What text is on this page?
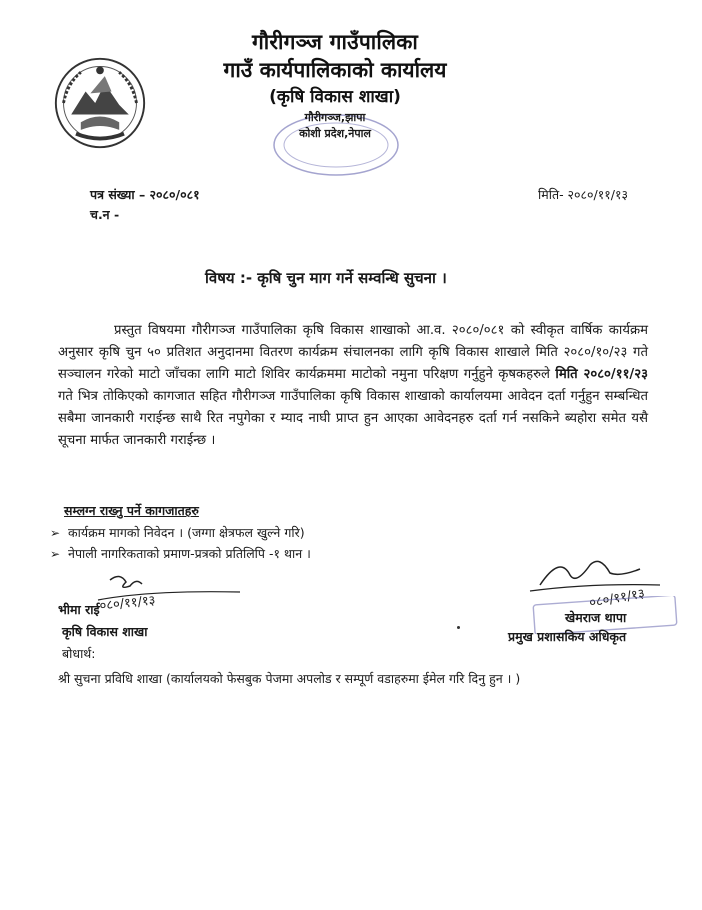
गौरीगञ्ज गाउँपालिका
गाउँ कार्यपालिकाको कार्यालय
(कृषि विकास शाखा)
गौरीगञ्ज,झापा
कोशी प्रदेश,नेपाल
पत्र संख्या – २०८०/०८१
च.न -
मिति- २०८०/११/१३
विषय :- कृषि चुन माग गर्ने सम्वन्धि सुचना ।
प्रस्तुत विषयमा गौरीगञ्ज गाउँपालिका कृषि विकास शाखाको आ.व. २०८०/०८१ को स्वीकृत वार्षिक कार्यक्रम अनुसार कृषि चुन ५० प्रतिशत अनुदानमा वितरण कार्यक्रम संचालनका लागि कृषि विकास शाखाले मिति २०८०/१०/२३ गते सञ्चालन गरेको माटो जाँचका लागि माटो शिविर कार्यक्रममा माटोको नमुना परिक्षण गर्नुहुने कृषकहरुले मिति २०८०/११/२३ गते भित्र तोकिएको कागजात सहित गौरीगञ्ज गाउँपालिका कृषि विकास शाखाको कार्यालयमा आवेदन दर्ता गर्नुहुन सम्बन्धित सबैमा जानकारी गराईन्छ साथै रित नपुगेका र म्याद नाघी प्राप्त हुन आएका आवेदनहरु दर्ता गर्न नसकिने ब्यहोरा समेत यसै सूचना मार्फत जानकारी गराईन्छ ।
सम्लग्न राख्नु पर्ने कागजातहरु
➢ कार्यक्रम मागको निवेदन । (जग्गा क्षेत्रफल खुल्ने गरि)
➢ नेपाली नागरिकताको प्रमाण-प्रत्रको प्रतिलिपि -१ थान ।
०८०/११/१३
भीमा राई
कृषि विकास शाखा
०८०/११/१३
खेमराज थापा
प्रमुख प्रशासकिय अधिकृत
बोधार्थ:
श्री सुचना प्रविधि शाखा (कार्यालयको फेसबुक पेजमा अपलोड र सम्पूर्ण वडाहरुमा ईमेल गरि दिनु हुन । )
